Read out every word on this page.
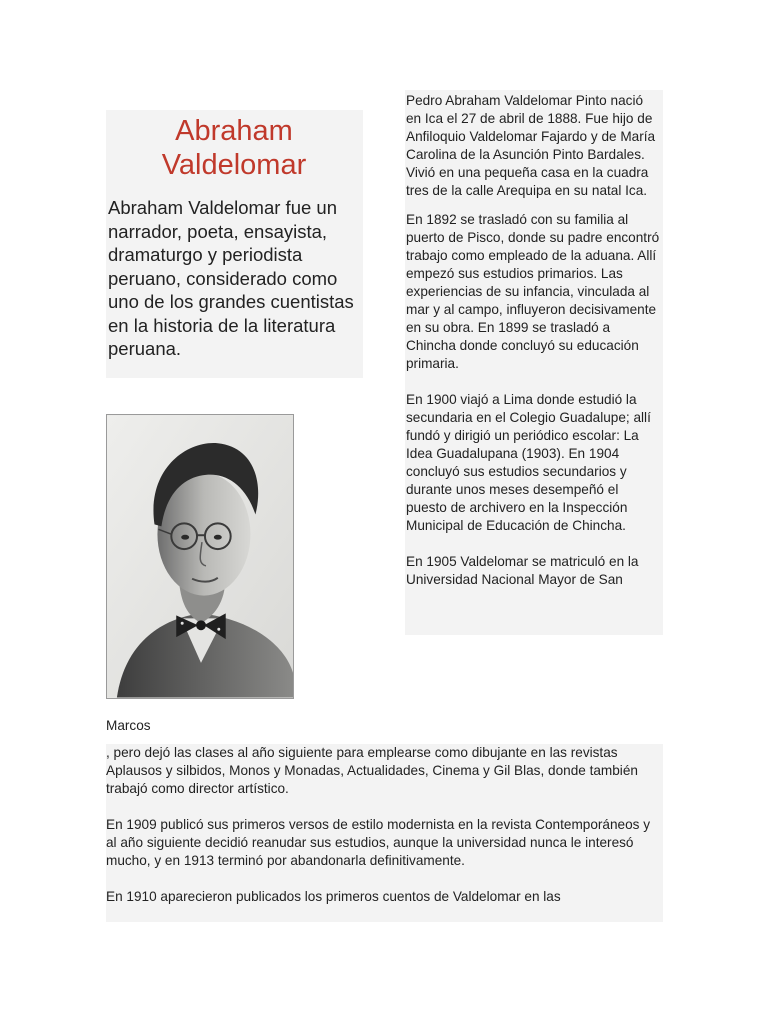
Abraham
Valdelomar

Abraham Valdelomar fue un narrador, poeta, ensayista, dramaturgo y periodista peruano, considerado como uno de los grandes cuentistas en la historia de la literatura peruana.

Pedro Abraham Valdelomar Pinto nació en Ica el 27 de abril de 1888. Fue hijo de Anfiloquio Valdelomar Fajardo y de María Carolina de la Asunción Pinto Bardales. Vivió en una pequeña casa en la cuadra tres de la calle Arequipa en su natal Ica.

En 1892 se trasladó con su familia al puerto de Pisco, donde su padre encontró trabajo como empleado de la aduana. Allí empezó sus estudios primarios. Las experiencias de su infancia, vinculada al mar y al campo, influyeron decisivamente en su obra. En 1899 se trasladó a Chincha donde concluyó su educación primaria.

En 1900 viajó a Lima donde estudió la secundaria en el Colegio Guadalupe; allí fundó y dirigió un periódico escolar: La Idea Guadalupana (1903). En 1904 concluyó sus estudios secundarios y durante unos meses desempeñó el puesto de archivero en la Inspección Municipal de Educación de Chincha.

En 1905 Valdelomar se matriculó en la Universidad Nacional Mayor de San

Marcos

, pero dejó las clases al año siguiente para emplearse como dibujante en las revistas Aplausos y silbidos, Monos y Monadas, Actualidades, Cinema y Gil Blas, donde también trabajó como director artístico.

En 1909 publicó sus primeros versos de estilo modernista en la revista Contemporáneos y al año siguiente decidió reanudar sus estudios, aunque la universidad nunca le interesó mucho, y en 1913 terminó por abandonarla definitivamente.

En 1910 aparecieron publicados los primeros cuentos de Valdelomar en las
